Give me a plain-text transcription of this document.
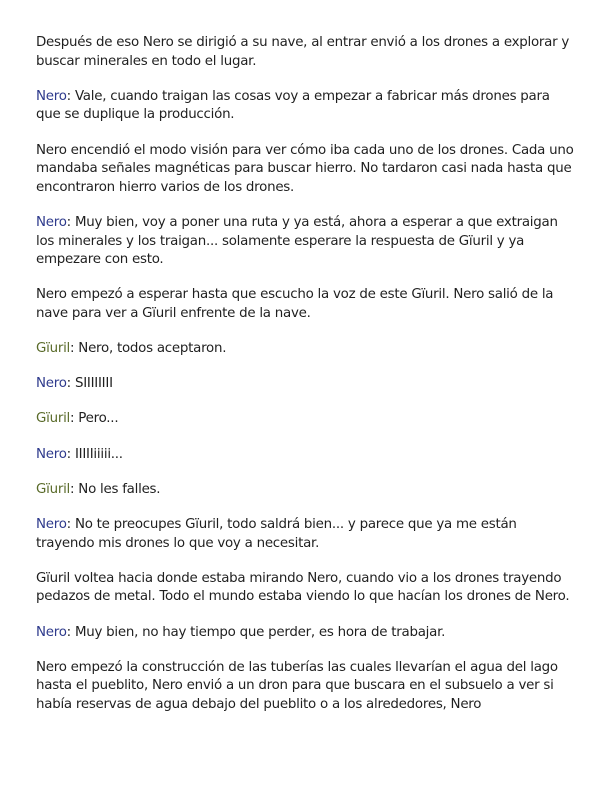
Después de eso Nero se dirigió a su nave, al entrar envió a los drones a explorar y buscar minerales en todo el lugar.

Nero: Vale, cuando traigan las cosas voy a empezar a fabricar más drones para que se duplique la producción.

Nero encendió el modo visión para ver cómo iba cada uno de los drones. Cada uno mandaba señales magnéticas para buscar hierro. No tardaron casi nada hasta que encontraron hierro varios de los drones.

Nero: Muy bien, voy a poner una ruta y ya está, ahora a esperar a que extraigan los minerales y los traigan... solamente esperare la respuesta de Gïuril y ya empezare con esto.

Nero empezó a esperar hasta que escucho la voz de este Gïuril. Nero salió de la nave para ver a Gïuril enfrente de la nave.

Gïuril: Nero, todos aceptaron.

Nero: SIIIIIIII

Gïuril: Pero...

Nero: IIIIIiiiii...

Gïuril: No les falles.

Nero: No te preocupes Gïuril, todo saldrá bien... y parece que ya me están trayendo mis drones lo que voy a necesitar.

Gïuril voltea hacia donde estaba mirando Nero, cuando vio a los drones trayendo pedazos de metal. Todo el mundo estaba viendo lo que hacían los drones de Nero.

Nero: Muy bien, no hay tiempo que perder, es hora de trabajar.

Nero empezó la construcción de las tuberías las cuales llevarían el agua del lago hasta el pueblito, Nero envió a un dron para que buscara en el subsuelo a ver si había reservas de agua debajo del pueblito o a los alrededores, Nero
